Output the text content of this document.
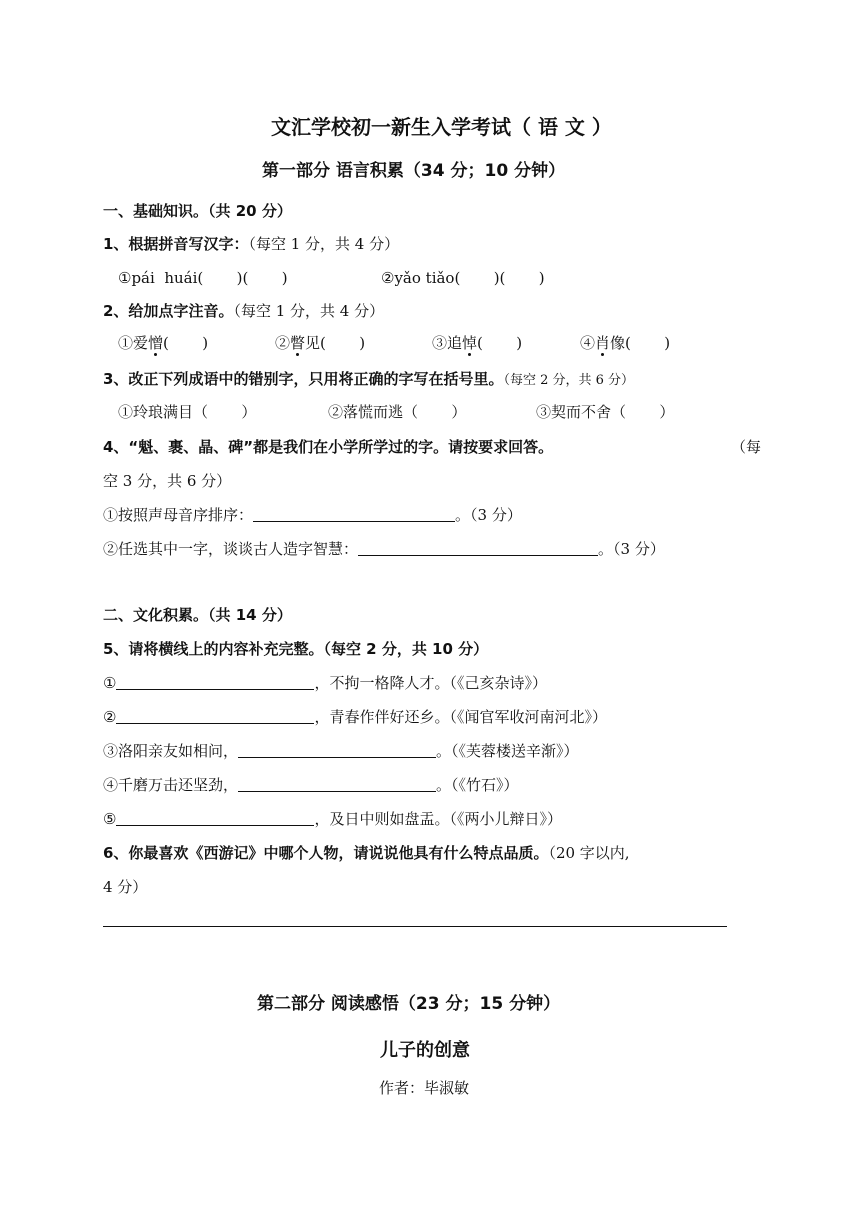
文汇学校初一新生入学考试（ 语 文 ）
第一部分 语言积累（34 分；10 分钟）
一、基础知识。（共 20 分）
1、根据拼音写汉字：（每空 1 分，共 4 分）
①pái  huái(       )(       )	②yǎo tiǎo(       )(       )
2、给加点字注音。（每空 1 分，共 4 分）
①爱憎(       )	②瞥见(       )	③追悼(       )	④肖像(       )
3、改正下列成语中的错别字，只用将正确的字写在括号里。（每空 2 分，共 6 分）
①玲琅满目（       ）	②落慌而逃（       ）	③契而不舍（       ）
4、“魁、裹、晶、碑”都是我们在小学所学过的字。请按要求回答。	（每
空 3 分，共 6 分）
①按照声母音序排序：	。（3 分）
②任选其中一字，谈谈古人造字智慧：	。（3 分）
二、文化积累。（共 14 分）
5、请将横线上的内容补充完整。（每空 2 分，共 10 分）
①	，不拘一格降人才。（《己亥杂诗》）
②	，青春作伴好还乡。（《闻官军收河南河北》）
③洛阳亲友如相问，	。（《芙蓉楼送辛渐》）
④千磨万击还坚劲，	。（《竹石》）
⑤	，及日中则如盘盂。（《两小儿辩日》）
6、你最喜欢《西游记》中哪个人物，请说说他具有什么特点品质。（20 字以内,
4 分）
第二部分 阅读感悟（23 分；15 分钟）
儿子的创意
作者：毕淑敏
